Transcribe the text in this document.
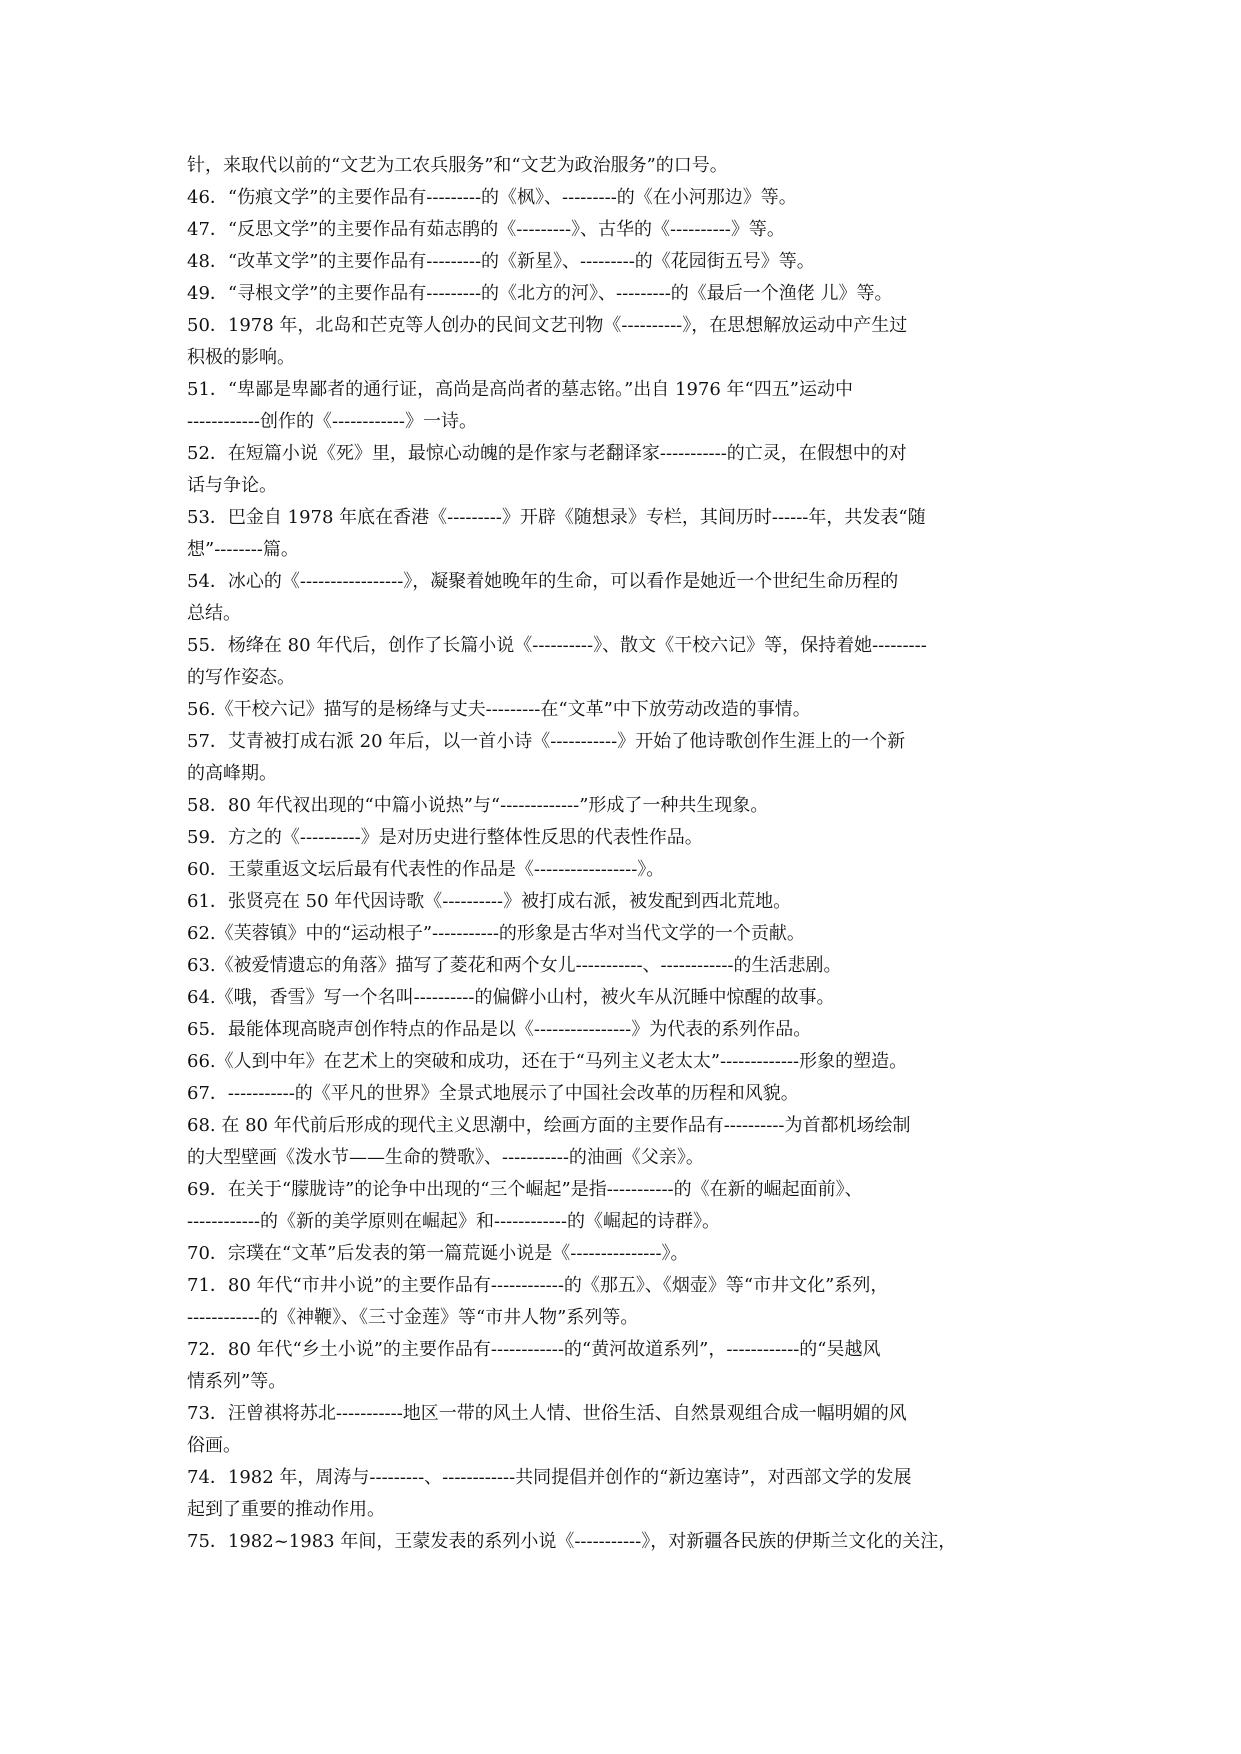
针，来取代以前的“文艺为工农兵服务”和“文艺为政治服务”的口号。
46．“伤痕文学”的主要作品有---------的《枫》、---------的《在小河那边》等。
47．“反思文学”的主要作品有茹志鹃的《---------》、古华的《----------》等。
48．“改革文学”的主要作品有---------的《新星》、---------的《花园街五号》等。
49．“寻根文学”的主要作品有---------的《北方的河》、---------的《最后一个渔佬 儿》等。
50．1978 年，北岛和芒克等人创办的民间文艺刊物《----------》，在思想解放运动中产生过
积极的影响。
51．“卑鄙是卑鄙者的通行证，高尚是高尚者的墓志铭。”出自 1976 年“四五”运动中
------------创作的《------------》一诗。
52．在短篇小说《死》里，最惊心动魄的是作家与老翻译家-----------的亡灵，在假想中的对
话与争论。
53．巴金自 1978 年底在香港《---------》开辟《随想录》专栏，其间历时------年，共发表“随
想”--------篇。
54．冰心的《-----------------》，凝聚着她晚年的生命，可以看作是她近一个世纪生命历程的
总结。
55．杨绛在 80 年代后，创作了长篇小说《----------》、散文《干校六记》等，保持着她---------
的写作姿态。
56.《干校六记》描写的是杨绛与丈夫---------在“文革”中下放劳动改造的事情。
57．艾青被打成右派 20 年后，以一首小诗《-----------》开始了他诗歌创作生涯上的一个新
的高峰期。
58．80 年代衩出现的“中篇小说热”与“-------------”形成了一种共生现象。
59．方之的《----------》是对历史进行整体性反思的代表性作品。
60．王蒙重返文坛后最有代表性的作品是《-----------------》。
61．张贤亮在 50 年代因诗歌《----------》被打成右派，被发配到西北荒地。
62.《芙蓉镇》中的“运动根子”-----------的形象是古华对当代文学的一个贡献。
63.《被爱情遗忘的角落》描写了菱花和两个女儿-----------、------------的生活悲剧。
64.《哦，香雪》写一个名叫----------的偏僻小山村，被火车从沉睡中惊醒的故事。
65．最能体现高晓声创作特点的作品是以《----------------》为代表的系列作品。
66.《人到中年》在艺术上的突破和成功，还在于“马列主义老太太”-------------形象的塑造。
67．-----------的《平凡的世界》全景式地展示了中国社会改革的历程和风貌。
68. 在 80 年代前后形成的现代主义思潮中，绘画方面的主要作品有----------为首都机场绘制
的大型壁画《泼水节——生命的赞歌》、-----------的油画《父亲》。
69．在关于“朦胧诗”的论争中出现的“三个崛起”是指-----------的《在新的崛起面前》、
------------的《新的美学原则在崛起》和------------的《崛起的诗群》。
70．宗璞在“文革”后发表的第一篇荒诞小说是《---------------》。
71．80 年代“市井小说”的主要作品有------------的《那五》、《烟壶》等“市井文化”系列，
------------的《神鞭》、《三寸金莲》等“市井人物”系列等。
72．80 年代“乡土小说”的主要作品有------------的“黄河故道系列”，------------的“吴越风
情系列”等。
73．汪曾祺将苏北-----------地区一带的风土人情、世俗生活、自然景观组合成一幅明媚的风
俗画。
74．1982 年，周涛与---------、------------共同提倡并创作的“新边塞诗”，对西部文学的发展
起到了重要的推动作用。
75．1982~1983 年间，王蒙发表的系列小说《-----------》，对新疆各民族的伊斯兰文化的关注，
